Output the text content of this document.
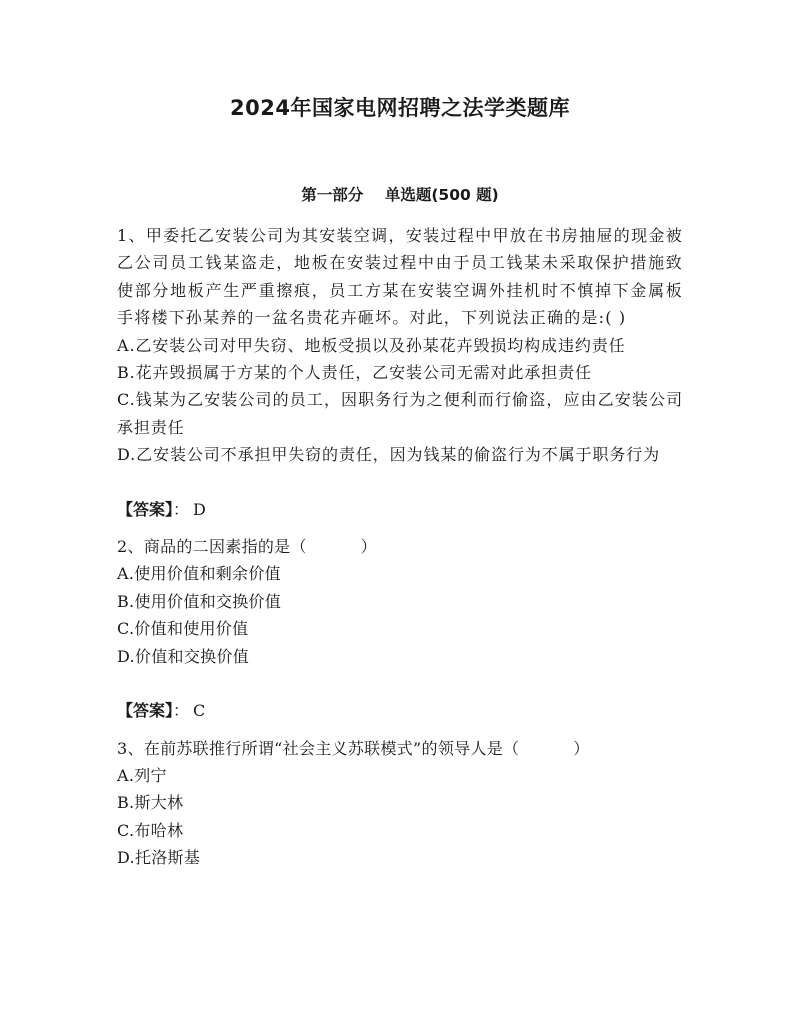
2024年国家电网招聘之法学类题库
第一部分    单选题(500 题)

1、甲委托乙安装公司为其安装空调，安装过程中甲放在书房抽屉的现金被乙公司员工钱某盗走，地板在安装过程中由于员工钱某未采取保护措施致使部分地板产生严重擦痕，员工方某在安装空调外挂机时不慎掉下金属板手将楼下孙某养的一盆名贵花卉砸坏。对此，下列说法正确的是:( )

A.乙安装公司对甲失窃、地板受损以及孙某花卉毁损均构成违约责任

B.花卉毁损属于方某的个人责任，乙安装公司无需对此承担责任

C.钱某为乙安装公司的员工，因职务行为之便利而行偷盗，应由乙安装公司承担责任

D.乙安装公司不承担甲失窃的责任，因为钱某的偷盗行为不属于职务行为

【答案】： D

2、商品的二因素指的是（          ）

A.使用价值和剩余价值

B.使用价值和交换价值

C.价值和使用价值

D.价值和交换价值

【答案】： C

3、在前苏联推行所谓“社会主义苏联模式”的领导人是（          ）

A.列宁

B.斯大林

C.布哈林

D.托洛斯基
